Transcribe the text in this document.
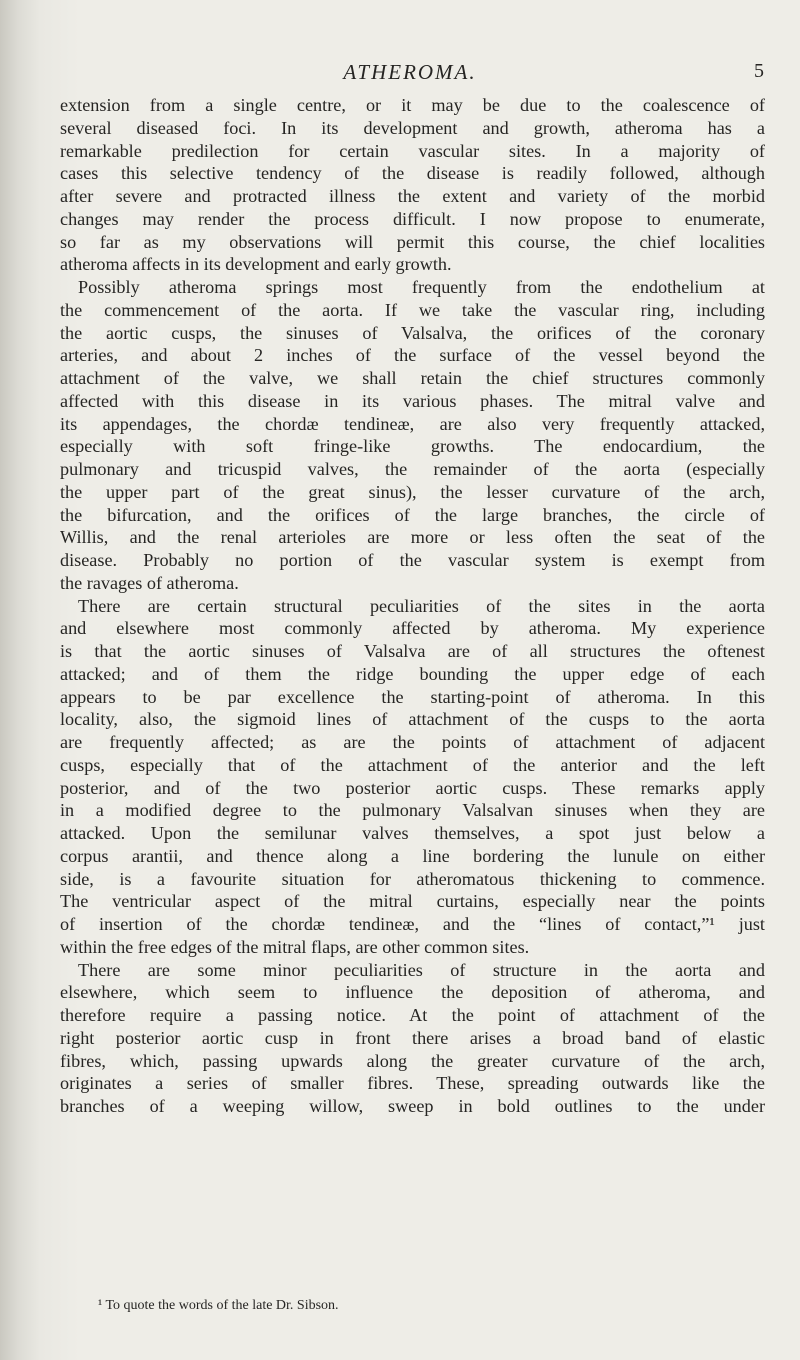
ATHEROMA.	5
extension from a single centre, or it may be due to the coalescence of
several diseased foci. In its development and growth, atheroma has a
remarkable predilection for certain vascular sites. In a majority of
cases this selective tendency of the disease is readily followed, although
after severe and protracted illness the extent and variety of the morbid
changes may render the process difficult. I now propose to enumerate,
so far as my observations will permit this course, the chief localities
atheroma affects in its development and early growth.
Possibly atheroma springs most frequently from the endothelium at
the commencement of the aorta. If we take the vascular ring, including
the aortic cusps, the sinuses of Valsalva, the orifices of the coronary
arteries, and about 2 inches of the surface of the vessel beyond the
attachment of the valve, we shall retain the chief structures commonly
affected with this disease in its various phases. The mitral valve and
its appendages, the chordæ tendineæ, are also very frequently attacked,
especially with soft fringe-like growths. The endocardium, the
pulmonary and tricuspid valves, the remainder of the aorta (especially
the upper part of the great sinus), the lesser curvature of the arch,
the bifurcation, and the orifices of the large branches, the circle of
Willis, and the renal arterioles are more or less often the seat of the
disease. Probably no portion of the vascular system is exempt from
the ravages of atheroma.
There are certain structural peculiarities of the sites in the aorta
and elsewhere most commonly affected by atheroma. My experience
is that the aortic sinuses of Valsalva are of all structures the oftenest
attacked; and of them the ridge bounding the upper edge of each
appears to be par excellence the starting-point of atheroma. In this
locality, also, the sigmoid lines of attachment of the cusps to the aorta
are frequently affected; as are the points of attachment of adjacent
cusps, especially that of the attachment of the anterior and the left
posterior, and of the two posterior aortic cusps. These remarks apply
in a modified degree to the pulmonary Valsalvan sinuses when they are
attacked. Upon the semilunar valves themselves, a spot just below a
corpus arantii, and thence along a line bordering the lunule on either
side, is a favourite situation for atheromatous thickening to commence.
The ventricular aspect of the mitral curtains, especially near the points
of insertion of the chordæ tendineæ, and the “lines of contact,”¹ just
within the free edges of the mitral flaps, are other common sites.
There are some minor peculiarities of structure in the aorta and
elsewhere, which seem to influence the deposition of atheroma, and
therefore require a passing notice. At the point of attachment of the
right posterior aortic cusp in front there arises a broad band of elastic
fibres, which, passing upwards along the greater curvature of the arch,
originates a series of smaller fibres. These, spreading outwards like the
branches of a weeping willow, sweep in bold outlines to the under
¹ To quote the words of the late Dr. Sibson.
